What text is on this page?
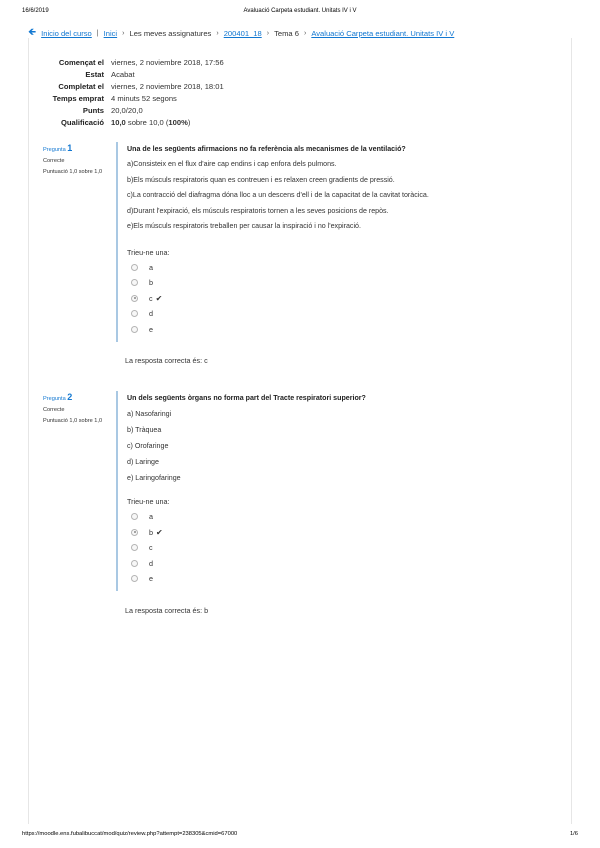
16/6/2019	Avaluació Carpeta estudiant. Unitats IV i V
🡸 Inicio del curso | Inici › Les meves assignatures › 200401_18 › Tema 6 › Avaluació Carpeta estudiant. Unitats IV i V
Començat el viernes, 2 noviembre 2018, 17:56
Estat Acabat
Completat el viernes, 2 noviembre 2018, 18:01
Temps emprat 4 minuts 52 segons
Punts 20,0/20,0
Qualificació 10,0 sobre 10,0 (100%)
Pregunta 1
Correcte
Puntuació 1,0 sobre 1,0
Una de les següents afirmacions no fa referència als mecanismes de la ventilació?
a)Consisteix en el flux d'aire cap endins i cap enfora dels pulmons.
b)Els músculs respiratoris quan es contreuen i es relaxen creen gradients de pressió.
c)La contracció del diafragma dóna lloc a un descens d'ell i de la capacitat de la cavitat toràcica.
d)Durant l'expiració, els músculs respiratoris tornen a les seves posicions de repòs.
e)Els músculs respiratoris treballen per causar la inspiració i no l'expiració.
Trieu-ne una:
a
b
c ✔
d
e
La resposta correcta és: c
Pregunta 2
Correcte
Puntuació 1,0 sobre 1,0
Un dels següents òrgans no forma part del Tracte respiratori superior?
a) Nasofaringi
b) Tràquea
c) Orofaringe
d) Laringe
e) Laringofaringe
Trieu-ne una:
a
b ✔
c
d
e
La resposta correcta és: b
https://moodle.ens.fubalibuccat/mod/quiz/review.php?attempt=238305&cmid=67000	1/6
